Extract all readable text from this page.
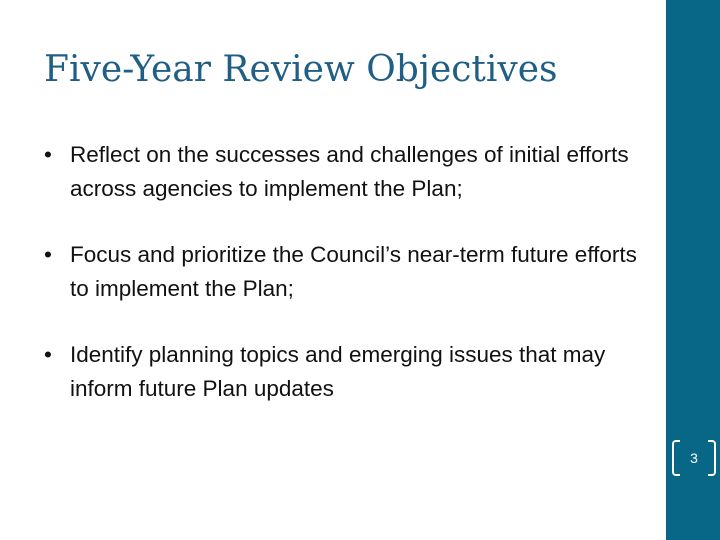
Five-Year Review Objectives
• Reflect on the successes and challenges of initial efforts across agencies to implement the Plan;
• Focus and prioritize the Council’s near-term future efforts to implement the Plan;
• Identify planning topics and emerging issues that may inform future Plan updates
3
